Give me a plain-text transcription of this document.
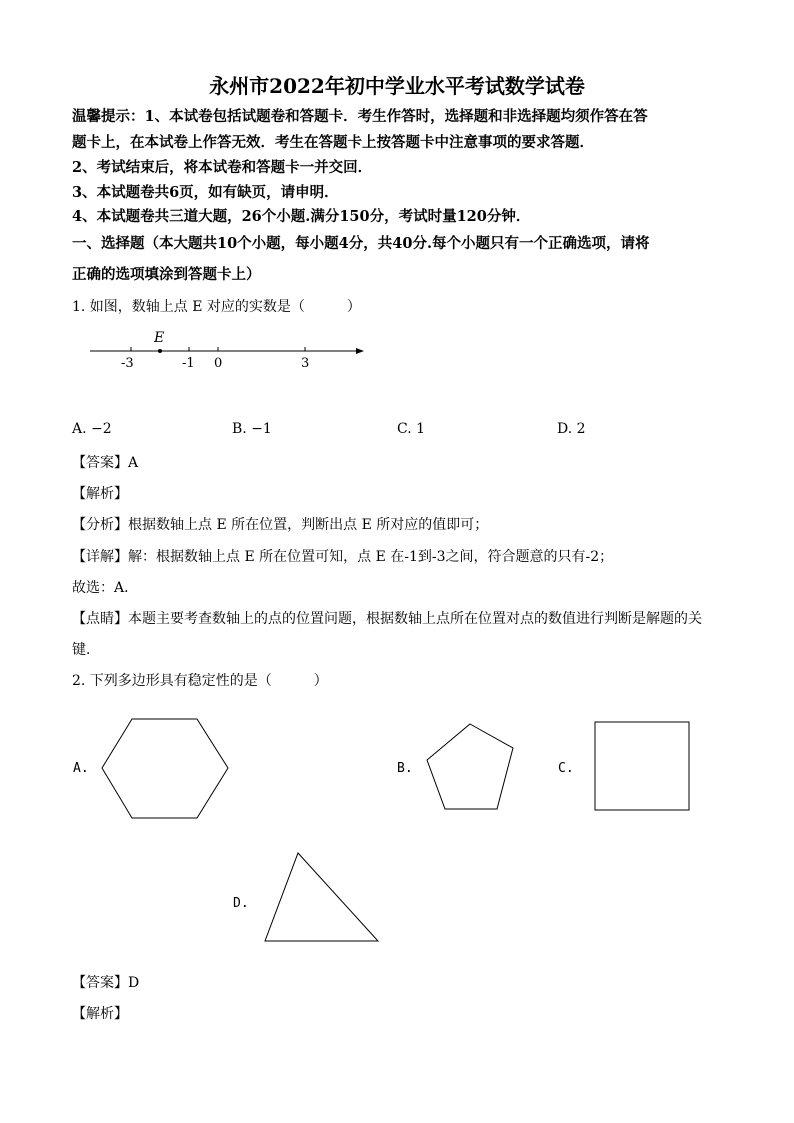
永州市2022年初中学业水平考试数学试卷
温馨提示：1、本试卷包括试题卷和答题卡．考生作答时，选择题和非选择题均须作答在答
题卡上，在本试卷上作答无效．考生在答题卡上按答题卡中注意事项的要求答题．
2、考试结束后，将本试卷和答题卡一并交回．
3、本试题卷共6页，如有缺页，请申明．
4、本试题卷共三道大题，26个小题.满分150分，考试时量120分钟．
一、选择题（本大题共10个小题，每小题4分，共40分.每个小题只有一个正确选项，请将
正确的选项填涂到答题卡上）
1. 如图，数轴上点 E 对应的实数是（　　　）
E
-3	-1 0	3
A. −2	B. −1	C. 1	D. 2
【答案】A
【解析】
【分析】根据数轴上点 E 所在位置，判断出点 E 所对应的值即可；
【详解】解：根据数轴上点 E 所在位置可知，点 E 在-1到-3之间，符合题意的只有-2；
故选：A．
【点睛】本题主要考查数轴上的点的位置问题，根据数轴上点所在位置对点的数值进行判断是解题的关
键．
2. 下列多边形具有稳定性的是（　　　）
A.	B.	C.
D.
【答案】D
【解析】
